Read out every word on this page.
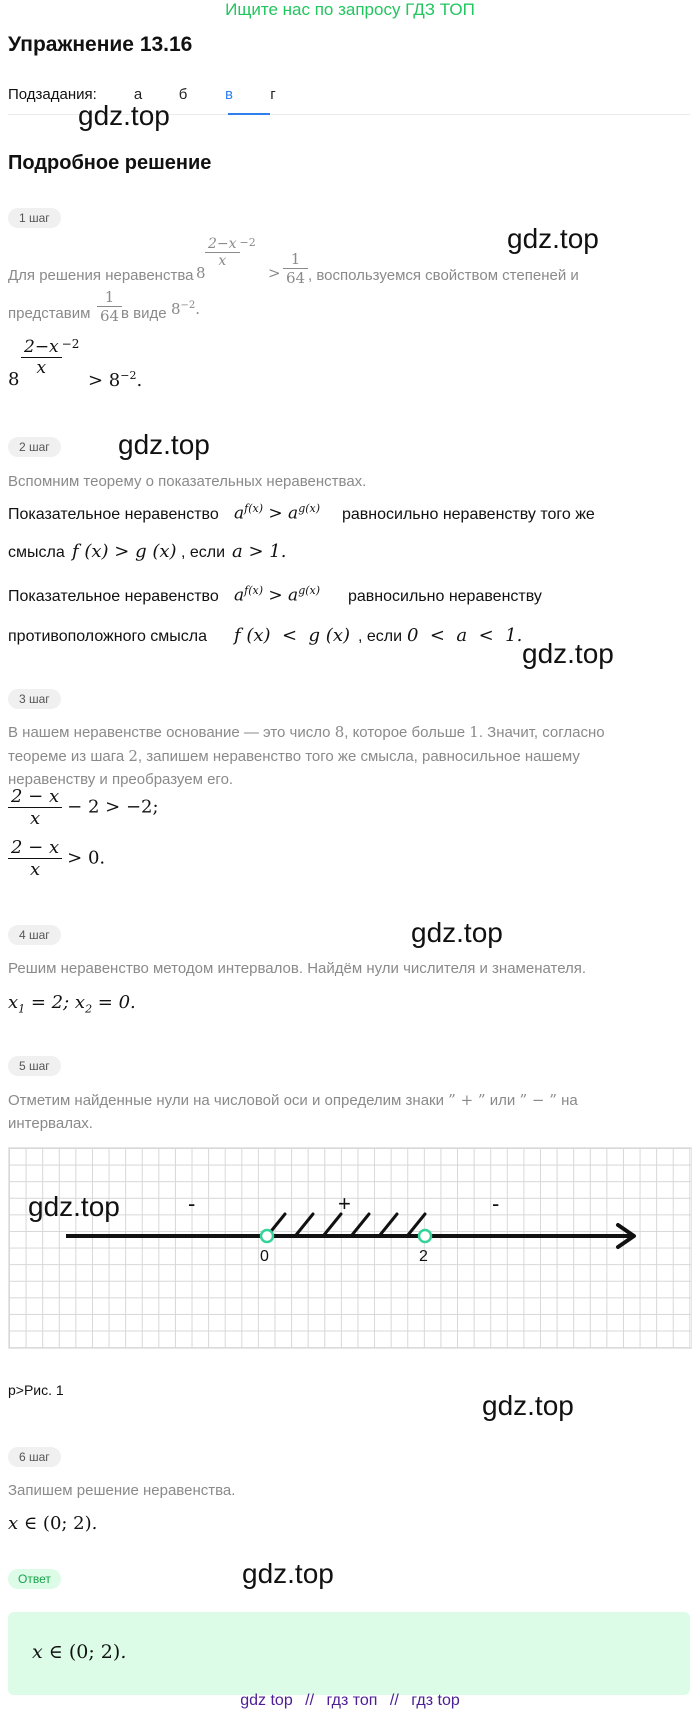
Ищите нас по запросу ГДЗ ТОП
Упражнение 13.16
Подзадания:	а	б	в	г
gdz.top
Подробное решение
1 шаг
gdz.top
Для решения неравенства 8
$\frac{2-x}{x} ^{-2}$
> $\frac{1}{64}$ , воспользуемся свойством степеней и
представим $\frac{1}{64}$
в виде $8^{-2}$.
8
$\frac{2-x}{x} ^{-2}$
> $8^{-2}$.
2 шаг	gdz.top
Вспомним теорему о показательных неравенствах.
Показательное неравенство $a^{f(x)} > a^{g(x)}$ равносильно неравенству того же
смысла f (x) > g (x) , если a > 1.
Показательное неравенство $a^{f(x)} > a^{g(x)}$ равносильно неравенству
противоположного смысла f (x)  <  g (x) , если 0  <  a  <  1.
gdz.top
3 шаг
В нашем неравенстве основание — это число 8, которое больше 1. Значит, согласно
теореме из шага 2, запишем неравенство того же смысла, равносильное нашему
неравенству и преобразуем его.
$\frac{2 - x}{x} - 2 > -2$;
$\frac{2 - x}{x} > 0$.
4 шаг	gdz.top
Решим неравенство методом интервалов. Найдём нули числителя и знаменателя.
$x_1 = 2$; $x_2 = 0$.
5 шаг
Отметим найденные нули на числовой оси и определим знаки ” + ” или ” − ” на
интервалах.
gdz.top	-	+	-
0	2
p>Рис. 1	gdz.top
6 шаг
Запишем решение неравенства.
x ∈ (0; 2).
Ответ	gdz.top
x ∈ (0; 2).
gdz top // гдз топ // гдз top
